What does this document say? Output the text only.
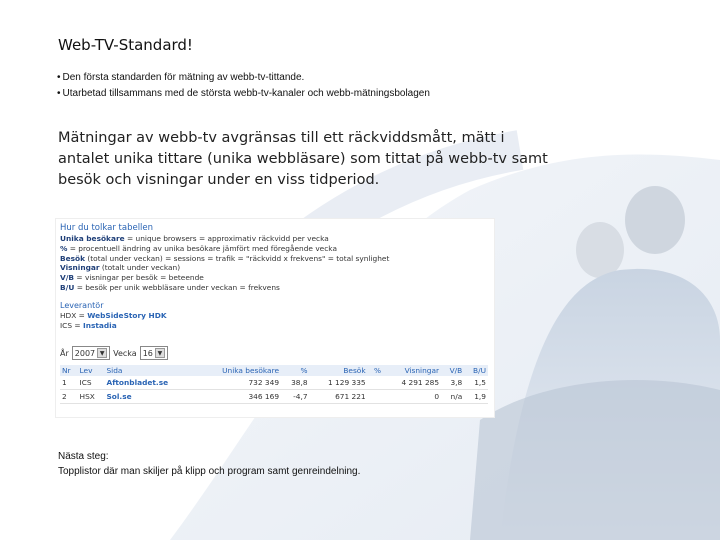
Web-TV-Standard!
• Den första standarden för mätning av webb-tv-tittande.
• Utarbetad tillsammans med de största webb-tv-kanaler och webb-mätningsbolagen
Mätningar av webb-tv avgränsas till ett räckviddsmått, mätt i antalet unika tittare (unika webbläsare) som tittat på webb-tv samt besök och visningar under en viss tidperiod.
Hur du tolkar tabellen
Unika besökare = unique browsers = approximativ räckvidd per vecka
% = procentuell ändring av unika besökare jämfört med föregående vecka
Besök (total under veckan) = sessions = trafik = "räckvidd x frekvens" = total synlighet
Visningar (totalt under veckan)
V/B = visningar per besök = beteende
B/U = besök per unik webbläsare under veckan = frekvens
Leverantör
HDX = WebSideStory HDK
ICS = Instadia
År 2007 ▼	Vecka 16 ▼
Nr	Lev	Sida	Unika besökare	%	Besök	%	Visningar	V/B	B/U
1	ICS	Aftonbladet.se	732 349	38,8	1 129 335		4 291 285	3,8	1,5
2	HSX	Sol.se	346 169	-4,7	671 221		0	n/a	1,9
Nästa steg:
Topplistor där man skiljer på klipp och program samt genreindelning.
